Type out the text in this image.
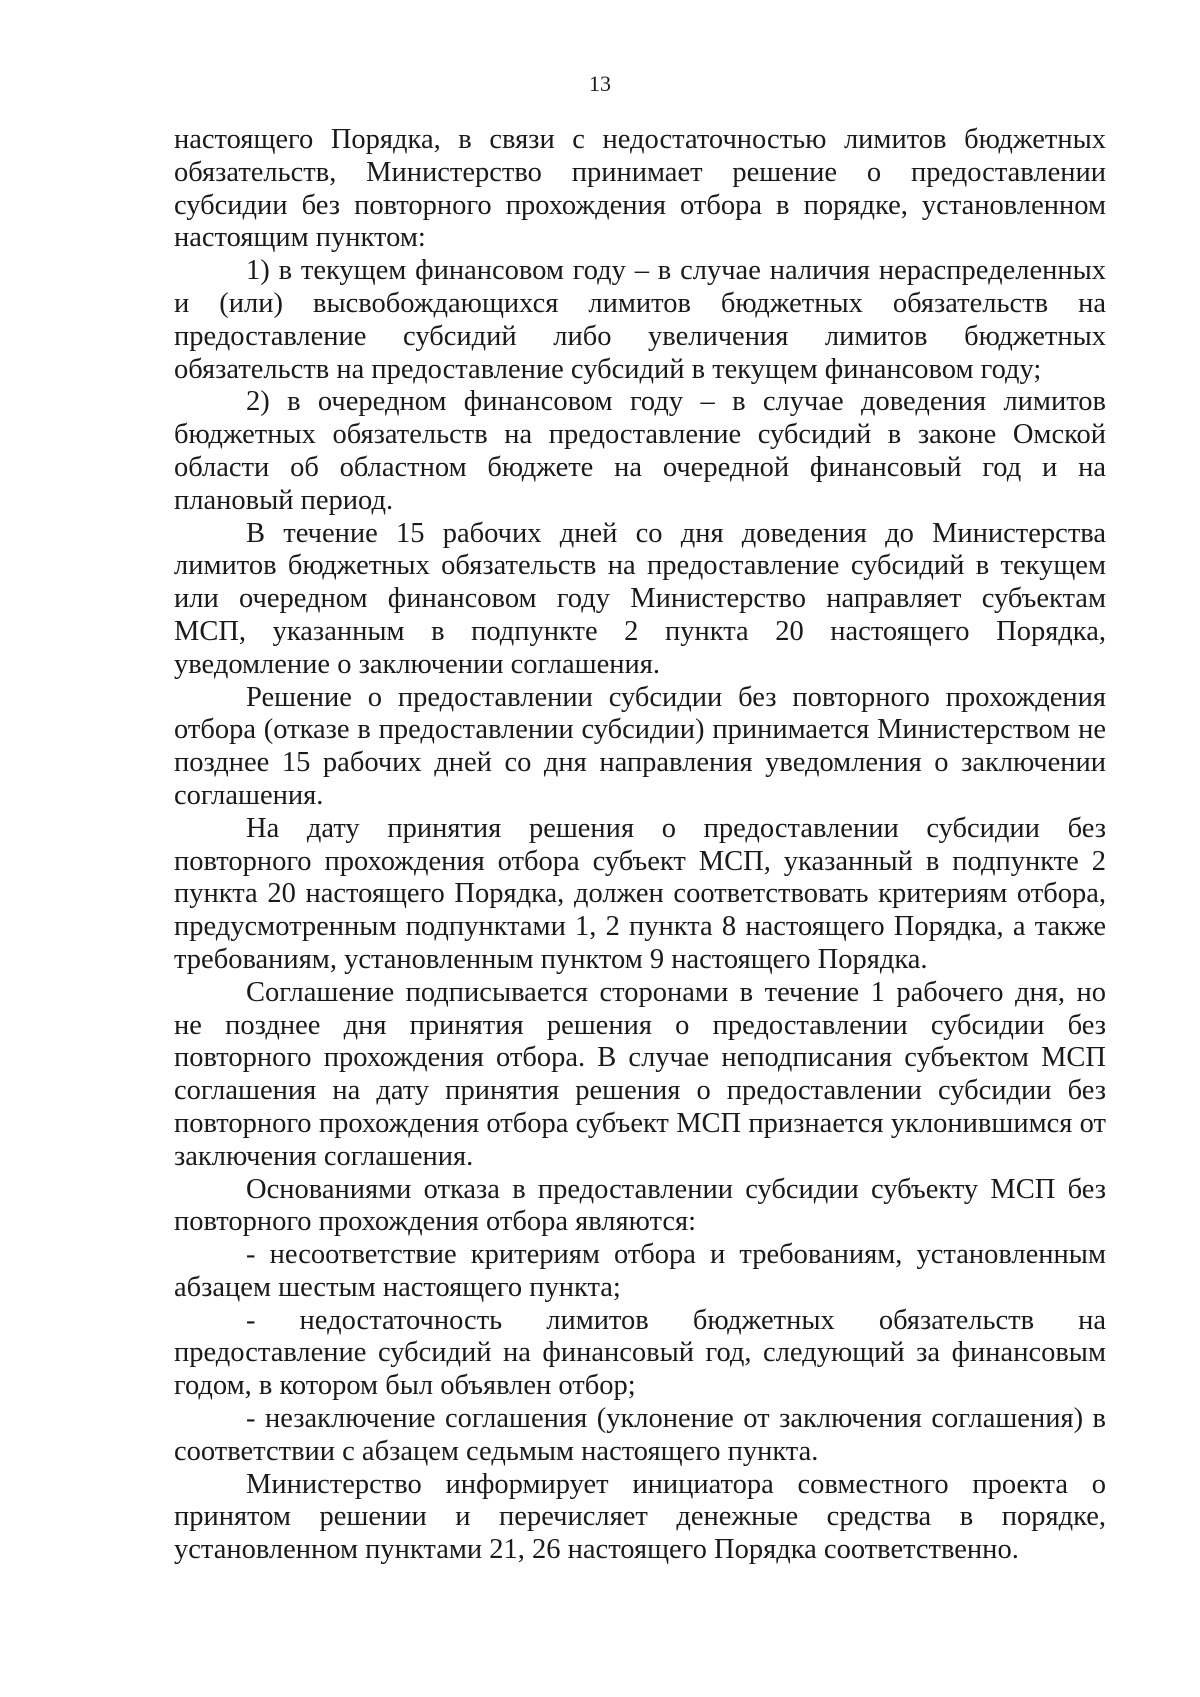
13

настоящего Порядка, в связи с недостаточностью лимитов бюджетных обязательств, Министерство принимает решение о предоставлении субсидии без повторного прохождения отбора в порядке, установленном настоящим пунктом:

1) в текущем финансовом году – в случае наличия нераспределенных и (или) высвобождающихся лимитов бюджетных обязательств на предоставление субсидий либо увеличения лимитов бюджетных обязательств на предоставление субсидий в текущем финансовом году;

2) в очередном финансовом году – в случае доведения лимитов бюджетных обязательств на предоставление субсидий в законе Омской области об областном бюджете на очередной финансовый год и на плановый период.

В течение 15 рабочих дней со дня доведения до Министерства лимитов бюджетных обязательств на предоставление субсидий в текущем или очередном финансовом году Министерство направляет субъектам МСП, указанным в подпункте 2 пункта 20 настоящего Порядка, уведомление о заключении соглашения.

Решение о предоставлении субсидии без повторного прохождения отбора (отказе в предоставлении субсидии) принимается Министерством не позднее 15 рабочих дней со дня направления уведомления о заключении соглашения.

На дату принятия решения о предоставлении субсидии без повторного прохождения отбора субъект МСП, указанный в подпункте 2 пункта 20 настоящего Порядка, должен соответствовать критериям отбора, предусмотренным подпунктами 1, 2 пункта 8 настоящего Порядка, а также требованиям, установленным пунктом 9 настоящего Порядка.

Соглашение подписывается сторонами в течение 1 рабочего дня, но не позднее дня принятия решения о предоставлении субсидии без повторного прохождения отбора. В случае неподписания субъектом МСП соглашения на дату принятия решения о предоставлении субсидии без повторного прохождения отбора субъект МСП признается уклонившимся от заключения соглашения.

Основаниями отказа в предоставлении субсидии субъекту МСП без повторного прохождения отбора являются:

- несоответствие критериям отбора и требованиям, установленным абзацем шестым настоящего пункта;

- недостаточность лимитов бюджетных обязательств на предоставление субсидий на финансовый год, следующий за финансовым годом, в котором был объявлен отбор;

- незаключение соглашения (уклонение от заключения соглашения) в соответствии с абзацем седьмым настоящего пункта.

Министерство информирует инициатора совместного проекта о принятом решении и перечисляет денежные средства в порядке, установленном пунктами 21, 26 настоящего Порядка соответственно.
